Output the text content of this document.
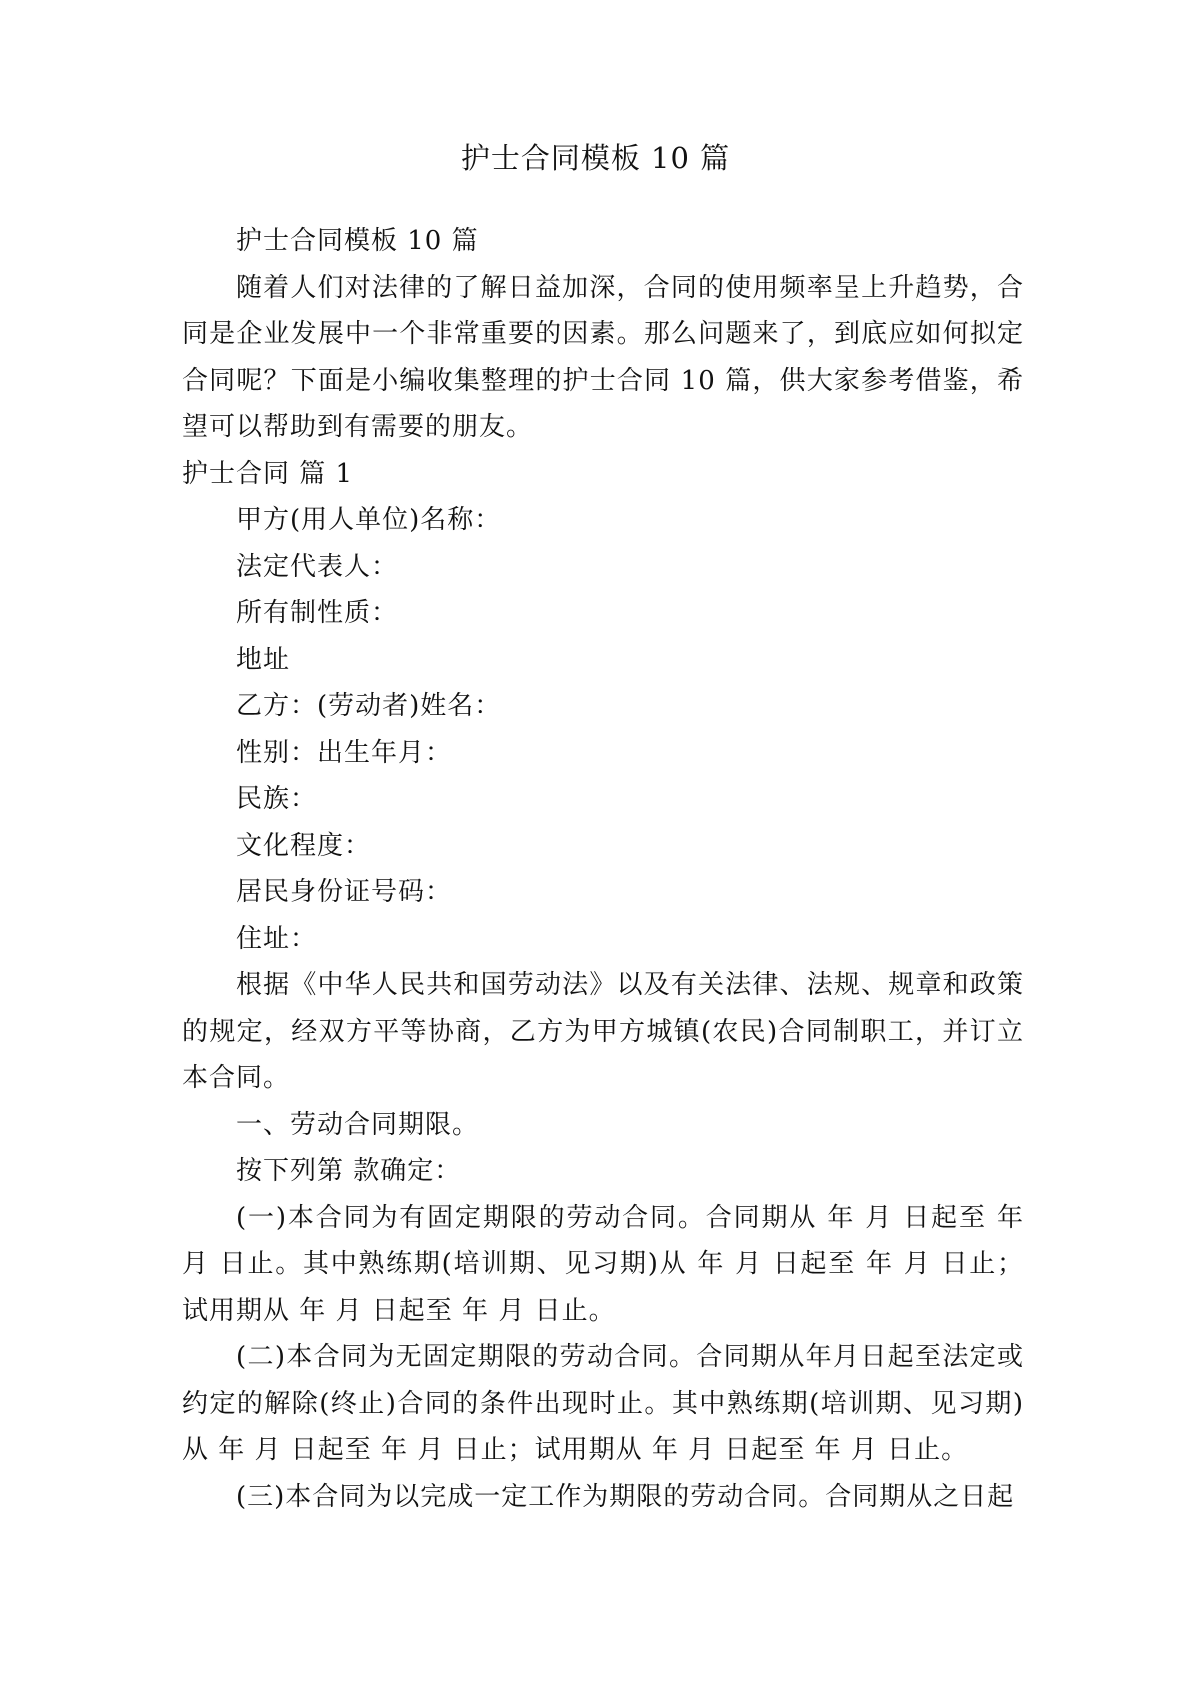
护士合同模板 10 篇

护士合同模板 10 篇

随着人们对法律的了解日益加深，合同的使用频率呈上升趋势，合同是企业发展中一个非常重要的因素。那么问题来了，到底应如何拟定合同呢？下面是小编收集整理的护士合同 10 篇，供大家参考借鉴，希望可以帮助到有需要的朋友。

护士合同 篇 1

甲方(用人单位)名称：

法定代表人：

所有制性质：

地址

乙方：(劳动者)姓名：

性别：出生年月：

民族：

文化程度：

居民身份证号码：

住址：

根据《中华人民共和国劳动法》以及有关法律、法规、规章和政策的规定，经双方平等协商，乙方为甲方城镇(农民)合同制职工，并订立本合同。

一、劳动合同期限。

按下列第 款确定：

(一)本合同为有固定期限的劳动合同。合同期从 年 月 日起至 年 月 日止。其中熟练期(培训期、见习期)从 年 月 日起至 年 月 日止；试用期从 年 月 日起至 年 月 日止。

(二)本合同为无固定期限的劳动合同。合同期从年月日起至法定或约定的解除(终止)合同的条件出现时止。其中熟练期(培训期、见习期)从 年 月 日起至 年 月 日止；试用期从 年 月 日起至 年 月 日止。

(三)本合同为以完成一定工作为期限的劳动合同。合同期从之日起
